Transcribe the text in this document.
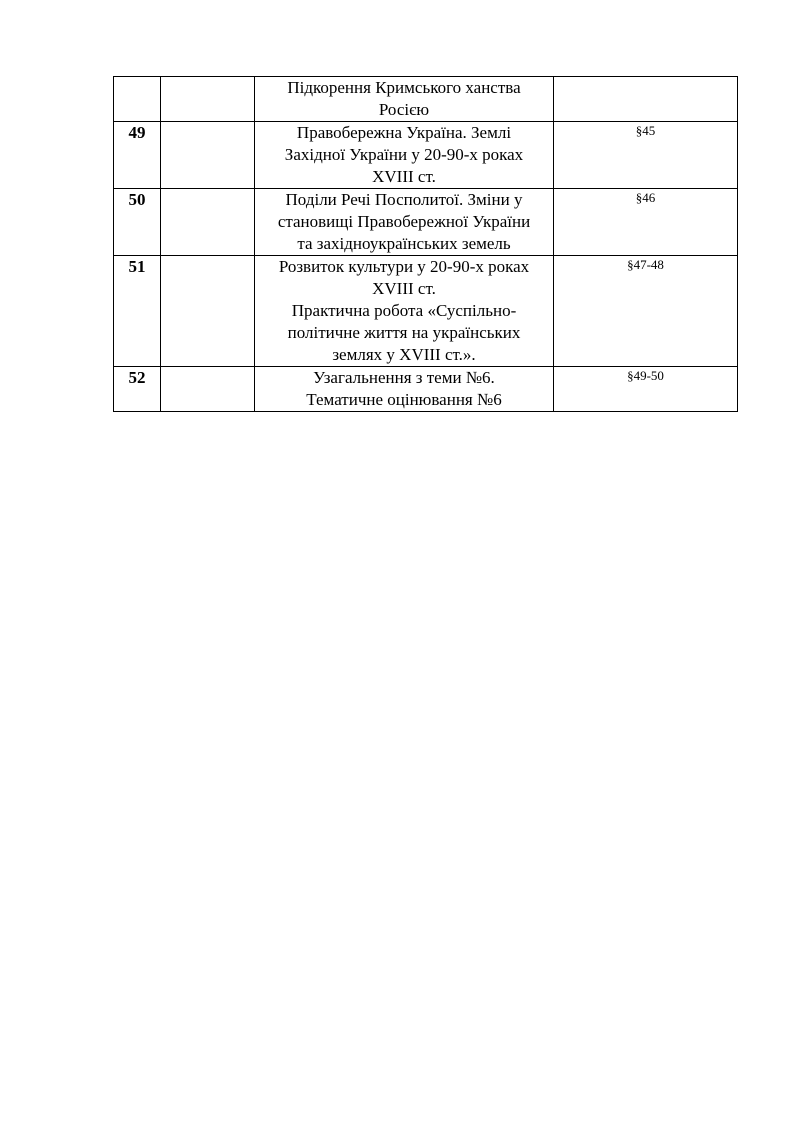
		Підкорення Кримського ханства
Росією	

49		Правобережна Україна. Землі
Західної України у 20-90-х роках
XVIII ст.	§45
50		Поділи Речі Посполитої. Зміни у
становищі Правобережної України
та західноукраїнських земель	§46
51		Розвиток культури у 20-90-х роках
XVIII ст.
Практична робота «Суспільно-
політичне життя на українських
землях у XVIII ст.».	§47-48
52		Узагальнення з теми №6.
Тематичне оцінювання №6	§49-50
